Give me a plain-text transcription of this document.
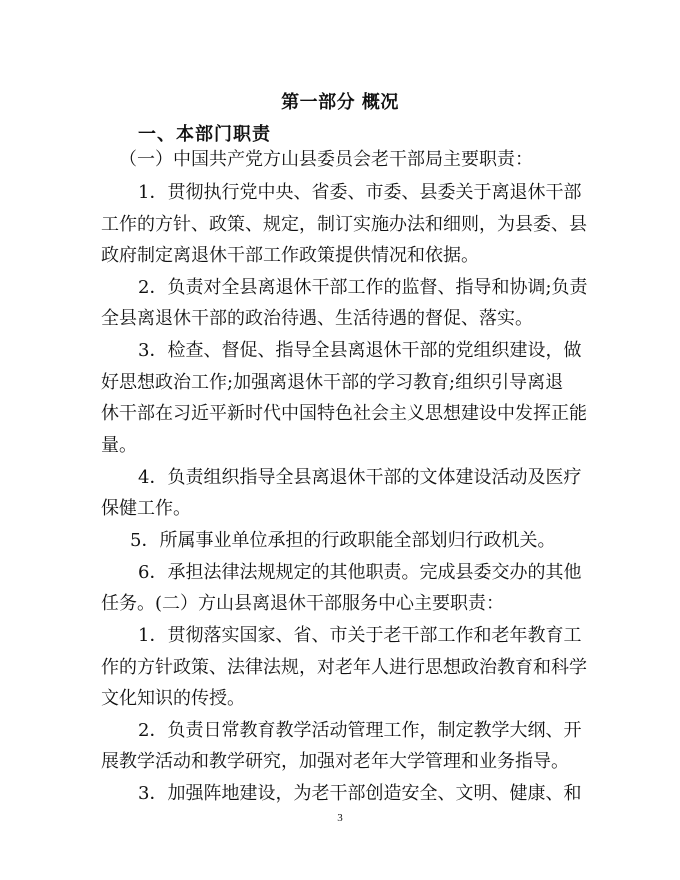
第一部分 概况
一、本部门职责
（一）中国共产党方山县委员会老干部局主要职责：
1．贯彻执行党中央、省委、市委、县委关于离退休干部
工作的方针、政策、规定，制订实施办法和细则，为县委、县
政府制定离退休干部工作政策提供情况和依据。
2．负责对全县离退休干部工作的监督、指导和协调;负责
全县离退休干部的政治待遇、生活待遇的督促、落实。
3．检查、督促、指导全县离退休干部的党组织建设，做
好思想政治工作;加强离退休干部的学习教育;组织引导离退
休干部在习近平新时代中国特色社会主义思想建设中发挥正能
量。
4．负责组织指导全县离退休干部的文体建设活动及医疗
保健工作。
5．所属事业单位承担的行政职能全部划归行政机关。
6．承担法律法规规定的其他职责。完成县委交办的其他
任务。(二）方山县离退休干部服务中心主要职责：
1．贯彻落实国家、省、市关于老干部工作和老年教育工
作的方针政策、法律法规，对老年人进行思想政治教育和科学
文化知识的传授。
2．负责日常教育教学活动管理工作，制定教学大纲、开
展教学活动和教学研究，加强对老年大学管理和业务指导。
3．加强阵地建设，为老干部创造安全、文明、健康、和
3
